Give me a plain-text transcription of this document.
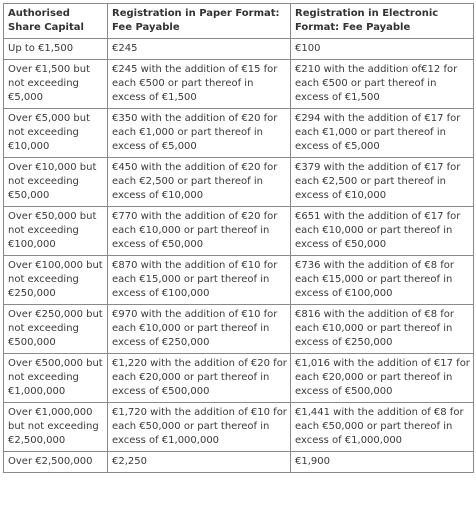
Authorised Share Capital	Registration in Paper Format: Fee Payable	Registration in Electronic Format: Fee Payable
Up to €1,500	€245	€100
Over €1,500 but not exceeding €5,000	€245 with the addition of €15 for each €500 or part thereof in excess of €1,500	€210 with the addition of€12 for each €500 or part thereof in excess of €1,500
Over €5,000 but not exceeding €10,000	€350 with the addition of €20 for each €1,000 or part thereof in excess of €5,000	€294 with the addition of €17 for each €1,000 or part thereof in excess of €5,000
Over €10,000 but not exceeding €50,000	€450 with the addition of €20 for each €2,500 or part thereof in excess of €10,000	€379 with the addition of €17 for each €2,500 or part thereof in excess of €10,000
Over €50,000 but not exceeding €100,000	€770 with the addition of €20 for each €10,000 or part thereof in excess of €50,000	€651 with the addition of €17 for each €10,000 or part thereof in excess of €50,000
Over €100,000 but not exceeding €250,000	€870 with the addition of €10 for each €15,000 or part thereof in excess of €100,000	€736 with the addition of €8 for each €15,000 or part thereof in excess of €100,000
Over €250,000 but not exceeding €500,000	€970 with the addition of €10 for each €10,000 or part thereof in excess of €250,000	€816 with the addition of €8 for each €10,000 or part thereof in excess of €250,000
Over €500,000 but not exceeding €1,000,000	€1,220 with the addition of €20 for each €20,000 or part thereof in excess of €500,000	€1,016 with the addition of €17 for each €20,000 or part thereof in excess of €500,000
Over €1,000,000 but not exceeding €2,500,000	€1,720 with the addition of €10 for each €50,000 or part thereof in excess of €1,000,000	€1,441 with the addition of €8 for each €50,000 or part thereof in excess of €1,000,000
Over €2,500,000	€2,250	€1,900
